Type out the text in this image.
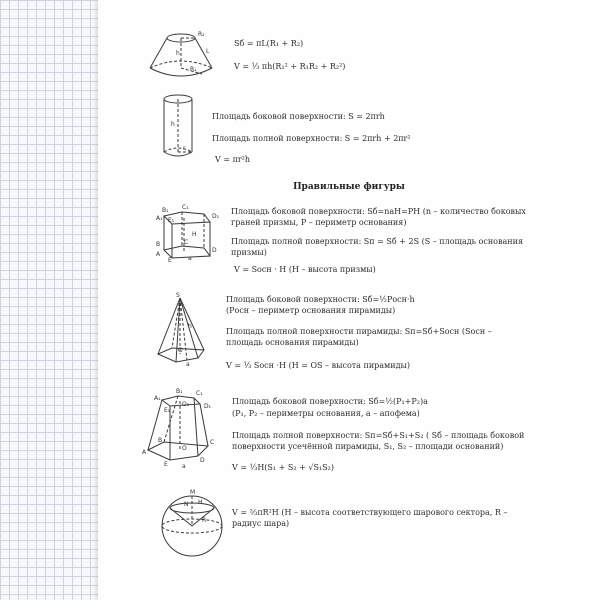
R₂
h	L
R₁
Sб = πL(R₁ + R₂)
V = ⅓ πh(R₁² + R₁R₂ + R₂²)
h
r
Площадь боковой поверхности: S = 2πrh
Площадь полной поверхности: S = 2πrh + 2πr²
V = πr²h
Правильные фигуры
B₁ C₁
A₁	D₁
E₁
B	C
A
D
E	a
H
Площадь боковой поверхности: Sб=naH=PH (n – количество боковых граней призмы, P – периметр основания)
Площадь полной поверхности: Sп = Sб + 2S (S – площадь основания призмы)
V = Sосн · H (H – высота призмы)
S
h
O
a
Площадь боковой поверхности: Sб=½Pосн·h
(Pосн – периметр основания пирамиды)
Площадь полной поверхности пирамиды: Sп=Sб+Sосн (Sосн – площадь основания пирамиды)
V = ⅓ Sосн ·H (H = OS – высота пирамиды)
A₁
B₁ C₁
E₁
D₁
O₁
O
A
B	C
D
E a
Площадь боковой поверхности: Sб=½(P₁+P₂)a
(P₁, P₂ – периметры основания, a – апофема)
Площадь полной поверхности: Sп=Sб+S₁+S₂ ( Sб – площадь боковой поверхности усечённой пирамиды, S₁, S₂ – площади оснований)
V = ⅓H(S₁ + S₂ + √S₁S₂)
M
H
N
R
V = ⅔πR²H (H – высота соответствующего шарового сектора, R – радиус шара)
